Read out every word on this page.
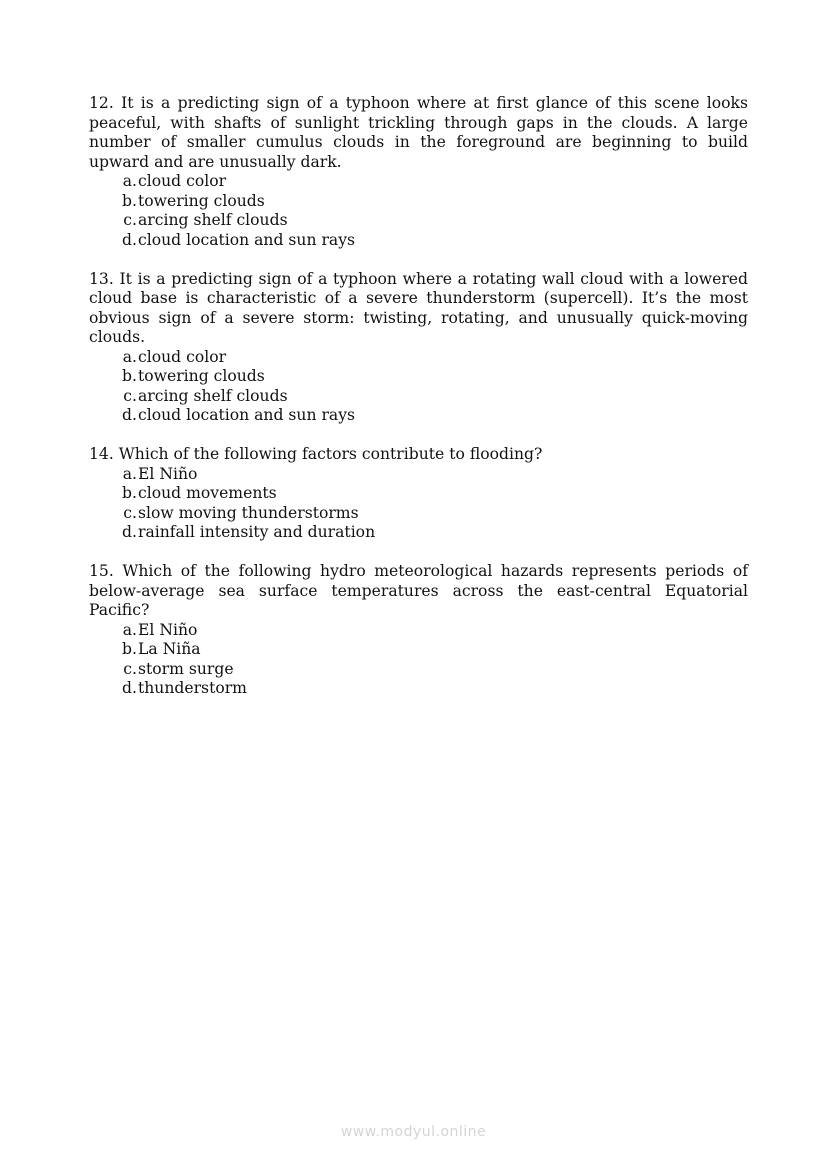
12. It is a predicting sign of a typhoon where at first glance of this scene looks peaceful, with shafts of sunlight trickling through gaps in the clouds. A large number of smaller cumulus clouds in the foreground are beginning to build upward and are unusually dark.

a. cloud color
b. towering clouds
c. arcing shelf clouds
d. cloud location and sun rays

13. It is a predicting sign of a typhoon where a rotating wall cloud with a lowered cloud base is characteristic of a severe thunderstorm (supercell). It’s the most obvious sign of a severe storm: twisting, rotating, and unusually quick-moving clouds.

a. cloud color
b. towering clouds
c. arcing shelf clouds
d. cloud location and sun rays

14. Which of the following factors contribute to flooding?

a. El Niño
b. cloud movements
c. slow moving thunderstorms
d. rainfall intensity and duration

15. Which of the following hydro meteorological hazards represents periods of below-average sea surface temperatures across the east-central Equatorial Pacific?

a. El Niño
b. La Niña
c. storm surge
d. thunderstorm
www.modyul.online
